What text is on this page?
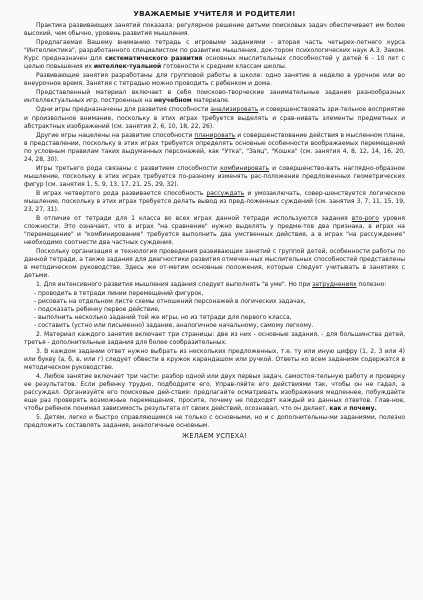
УВАЖАЕМЫЕ УЧИТЕЛЯ И РОДИТЕЛИ!

Практика развивающих занятий показала: регулярное решение детьми поисковых задач обеспечивает им более высокий, чем обычно, уровень развития мышления.

Предлагаемая Вашему вниманию тетрадь с игровыми заданиями - вторая часть четырех-летнего курса "Интеллектика", разработанного специалистом по развитию мышления, док-тором психологических наук А.З. Заком. Курс предназначен для систематического развития основных мыслительных способностей у детей 6 - 10 лет с целью повышения их интеллек-туальной готовности к средним классам школы.

Развивающие занятия разработаны для групповой работы в школе: одно занятие в неделю в урочное или во внеурочное время. Занятия с тетрадью можно проводить с ребенком и дома.

Представленный материал включает в себя поисково-творческие занимательные задания разнообразных интеллектуальных игр, построенных на неучебном материале.

Одни игры предназначены для развития способности анализировать и совершенствовать зри-тельное восприятие и произвольное внимание, поскольку в этих играх требуется выделять и срав-нивать элементы предметных и абстрактных изображений (см. занятия 2, 6, 10, 18, 22, 26).

Другие игры нацелены на развитие способности планировать и совершенствование действия в мысленном плане, в представлении, поскольку в этих играх требуется определять основные особенности воображаемых перемещений по условным правилам таких выдуманных персонажей, как "Утка", "Заяц", "Кошка" (см. занятия 4, 8, 12, 14, 16, 20, 24, 28, 30).

Игры третьего рода связаны с развитием способности комбинировать и совершенство-вать наглядно-образное мышление, поскольку в этих играх требуется по-разному изменять рас-положение предложенных геометрических фигур (см. занятия 1, 5, 9, 13, 17, 21, 25, 29, 32).

В играх четвертого рода развивается способность рассуждать и умозаключать, совер-шенствуется логическое мышление, поскольку в этих играх требуется делать вывод из пред-ложенных суждений (см. занятия 3, 7, 11, 15, 19, 23, 27, 31).

В отличие от тетради для 1 класса во всех играх данной тетради используются задания вто-рого уровня сложности. Это означает, что в играх "на сравнение" нужно выделять у предме-тов два признака, в играх на "перемещение" и "комбинирование" требуется выполнить два умственных действия, а в играх "на рассуждение" необходимо соотнести два частных суждения.

Поскольку организация и технология проведения развивающих занятий с группой детей, особенности работы по данной тетради, а также задания для диагностики развития отмечен-ных мыслительных способностей представлены в методическом руководстве. Здесь же от-метим основные положения, которые следует учитывать в занятиях с детьми.

1. Для интенсивного развития мышления задания следует выполнять "в уме". Но при затруднениях полезно:

- проводить в тетради линии перемещений фигурок,

- рисовать на отдельном листе схемы отношений персонажей в логических задачах,

- подсказать ребенку первое действие,

- выполнить несколько заданий той же игры, но из тетради для первого класса,

- составить (устно или письменно) задание, аналогичное начальному, самому легкому.

2. Материал каждого занятия включает три страницы: две из них - основные задания, - для большинства детей, третья - дополнительные задания для более сообразительных.

3. В каждом задании ответ нужно выбрать из нескольких предложенных, т.е. ту или иную цифру (1, 2, 3 или 4) или букву (а, б, в, или г) следует обвести в кружок карандашом или ручкой. Ответы ко всем заданиям содержатся в методическом руководстве.

4. Любое занятие включает три части: разбор одной или двух первых задач, самостоя-тельную работу и проверку ее результатов. Если ребенку трудно, подбодрите его. Управ-ляйте его действиями так, чтобы он не гадал, а рассуждал. Организуйте его поисковые дей-ствия: предлагайте осматривать изображения медленнее, побуждайте еще раз проверять возможные перемещения, просите, почему не подходят каждый из данных ответов. Глав-ное, чтобы ребенок понимал зависимость результата от своих действий, осознавал, что он делает, как и почему.

5. Детям, легко и быстро справляющимся не только с основными, но и с дополнительны-ми заданиями, полезно предложить составлять задания, аналогичные основным.

ЖЕЛАЕМ УСПЕХА!
